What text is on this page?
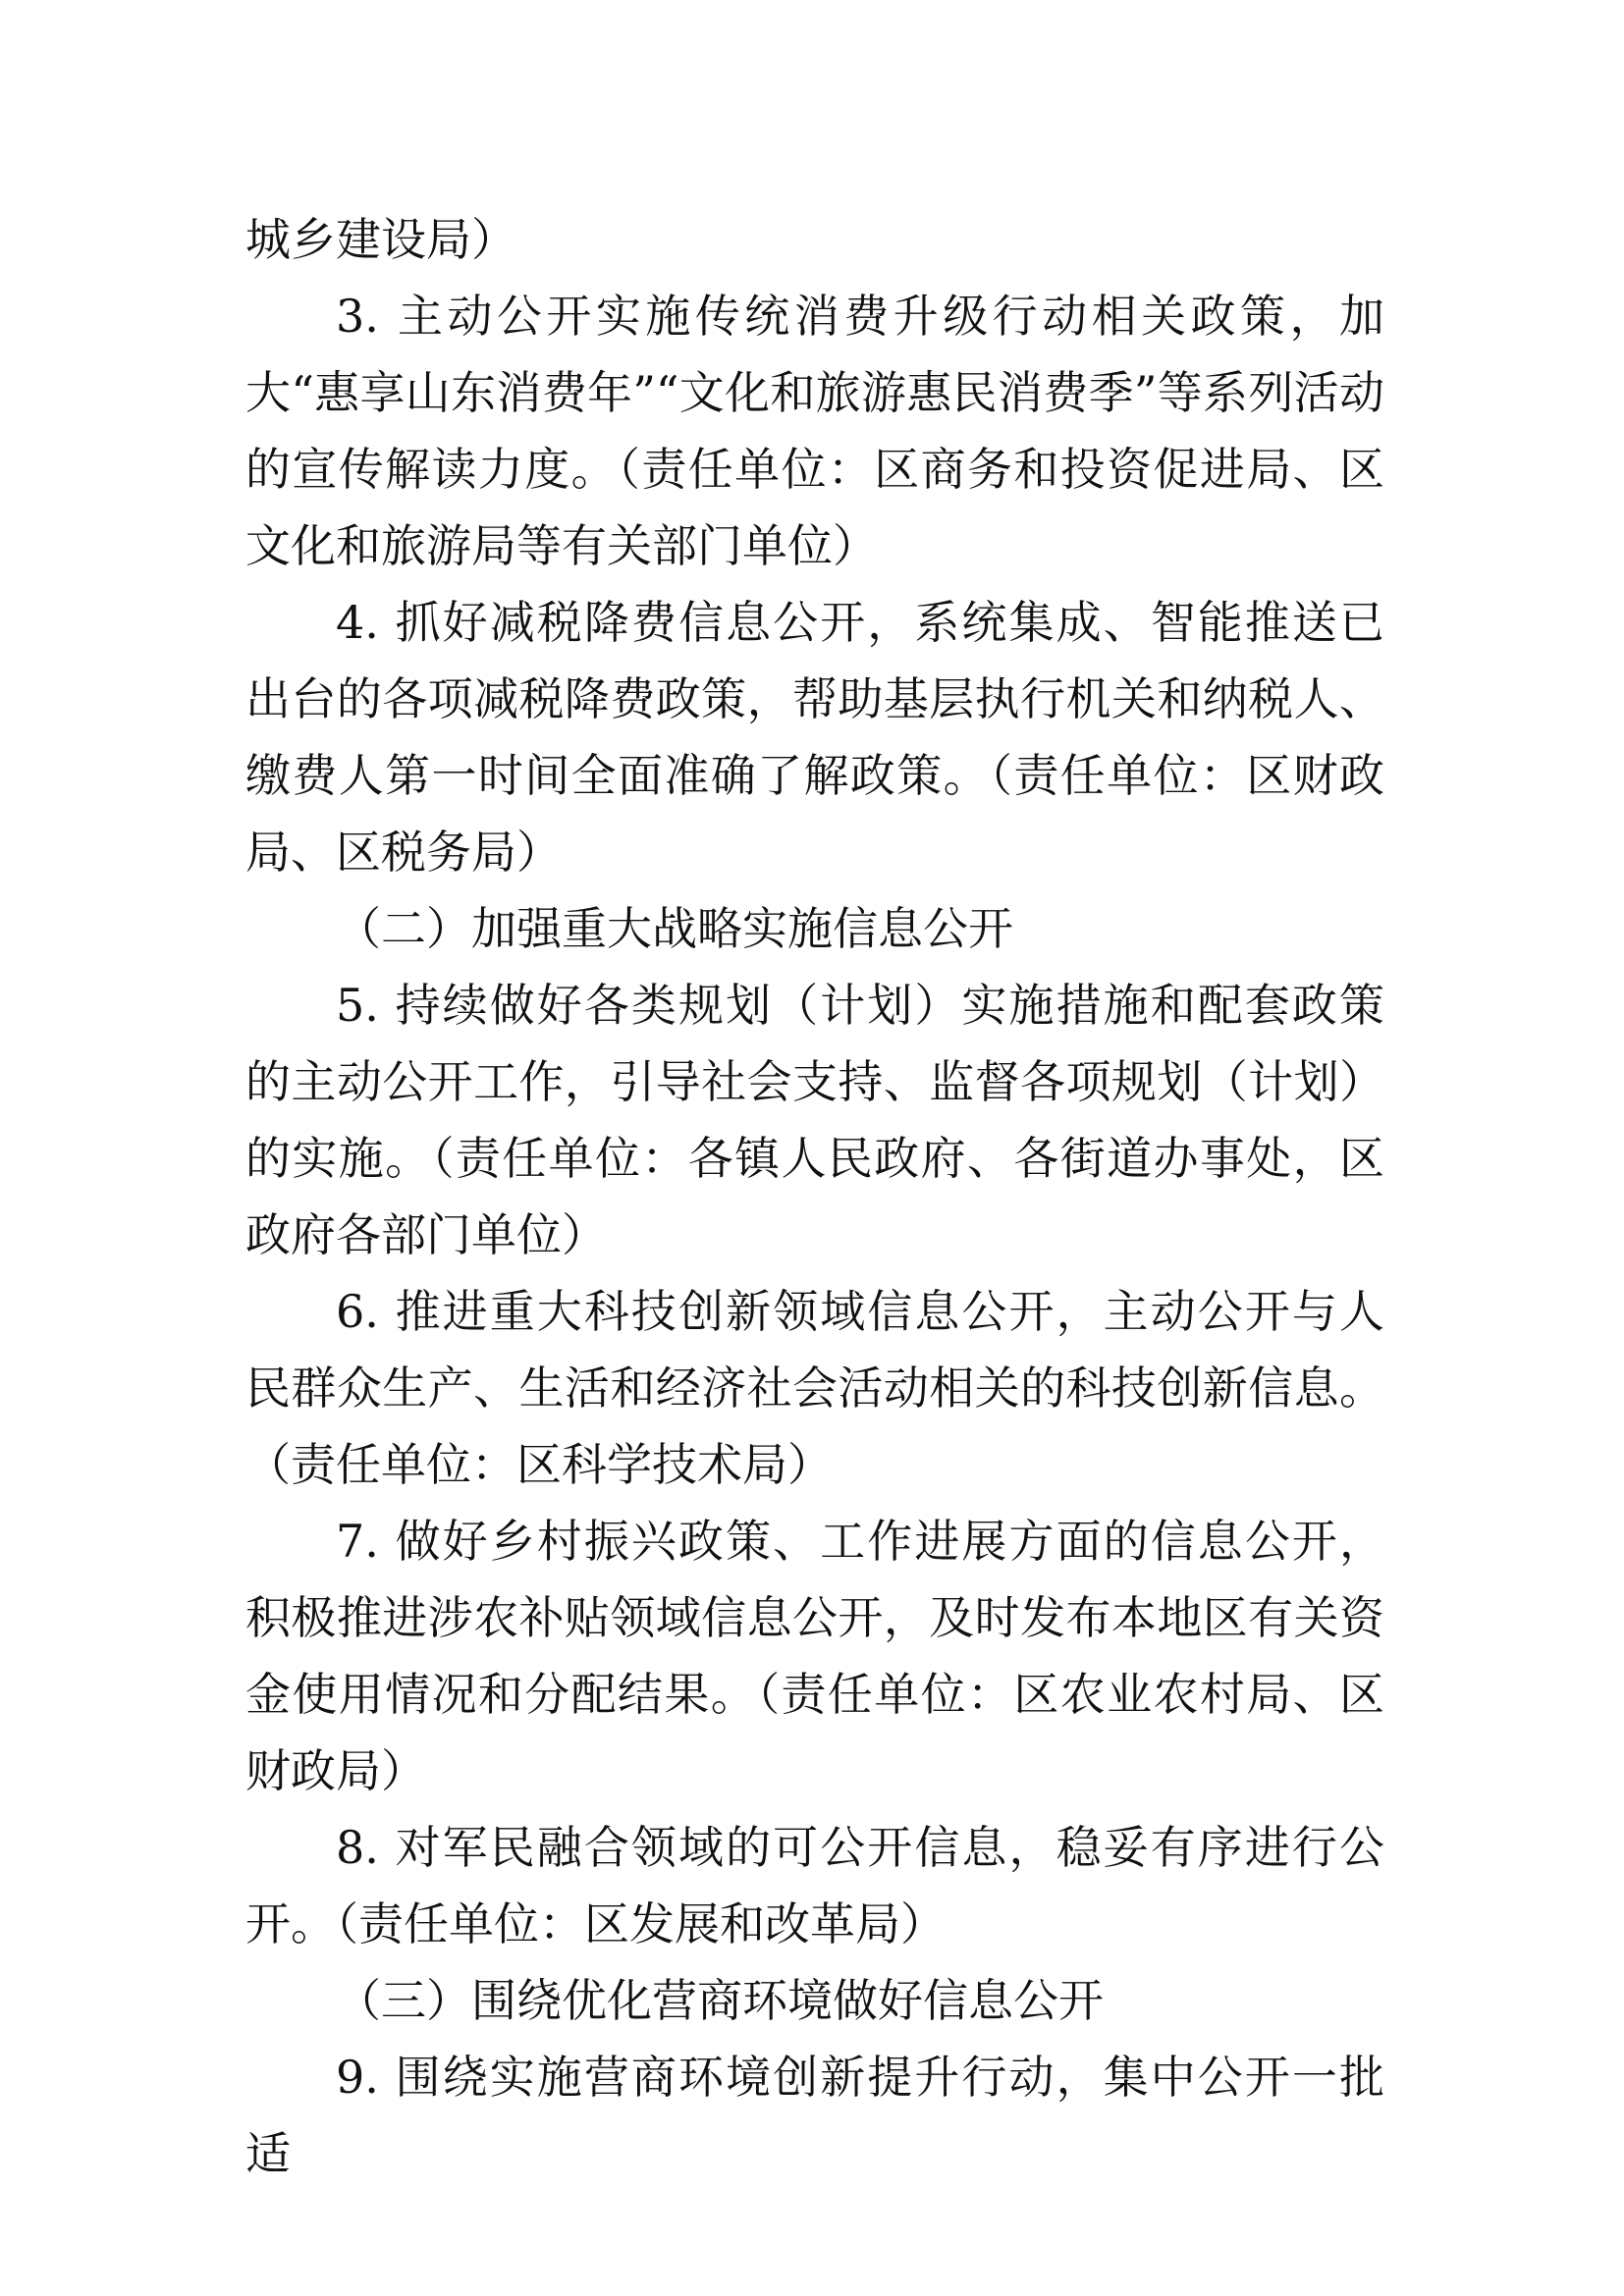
城乡建设局）

3. 主动公开实施传统消费升级行动相关政策，加大“惠享山东消费年”“文化和旅游惠民消费季”等系列活动的宣传解读力度。（责任单位：区商务和投资促进局、区文化和旅游局等有关部门单位）

4. 抓好减税降费信息公开，系统集成、智能推送已出台的各项减税降费政策，帮助基层执行机关和纳税人、缴费人第一时间全面准确了解政策。（责任单位：区财政局、区税务局）

（二）加强重大战略实施信息公开

5. 持续做好各类规划（计划）实施措施和配套政策的主动公开工作，引导社会支持、监督各项规划（计划）的实施。（责任单位：各镇人民政府、各街道办事处，区政府各部门单位）

6. 推进重大科技创新领域信息公开，主动公开与人民群众生产、生活和经济社会活动相关的科技创新信息。（责任单位：区科学技术局）

7. 做好乡村振兴政策、工作进展方面的信息公开，积极推进涉农补贴领域信息公开，及时发布本地区有关资金使用情况和分配结果。（责任单位：区农业农村局、区财政局）

8. 对军民融合领域的可公开信息，稳妥有序进行公开。（责任单位：区发展和改革局）

（三）围绕优化营商环境做好信息公开

9. 围绕实施营商环境创新提升行动，集中公开一批适
